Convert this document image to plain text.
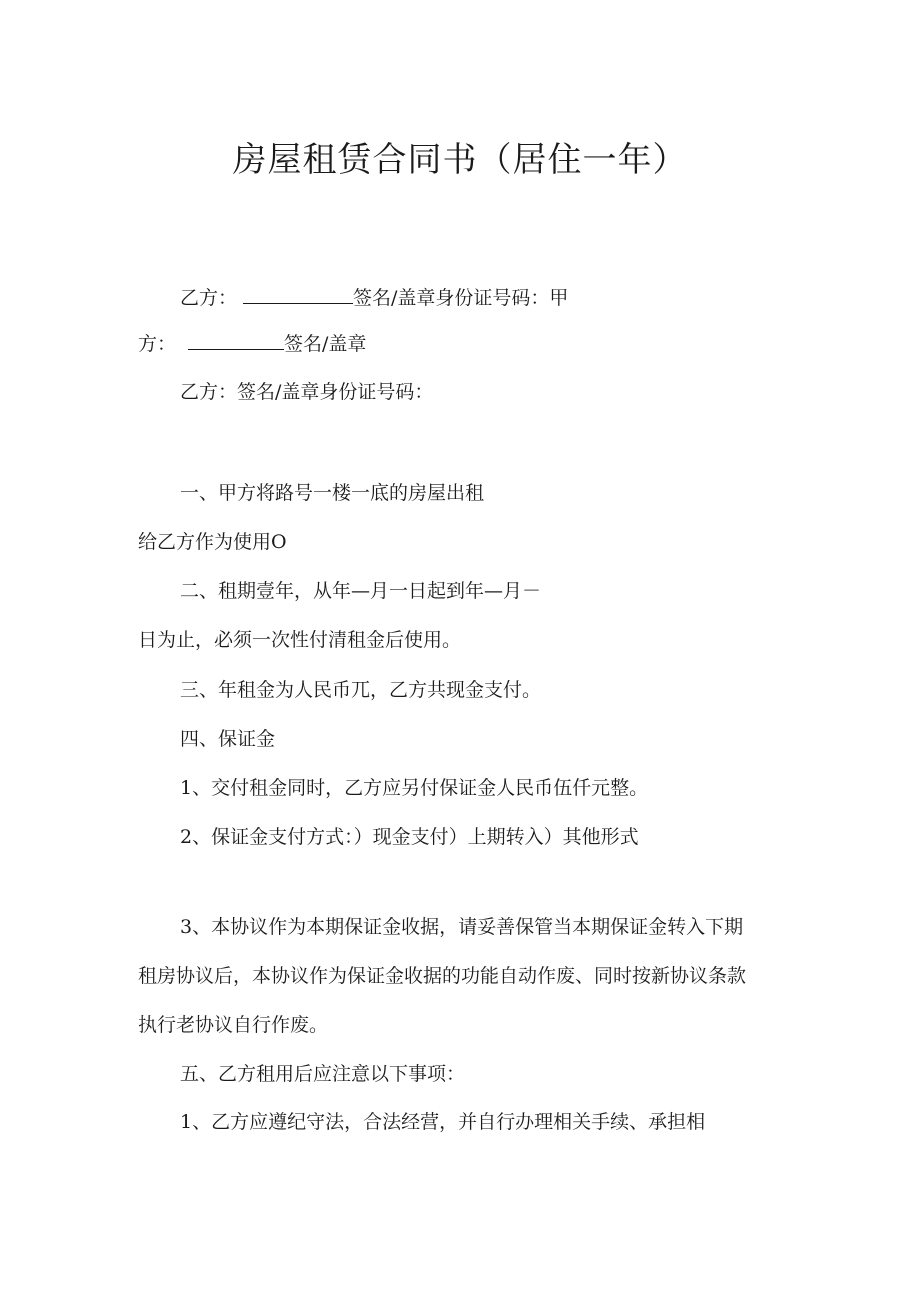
房屋租赁合同书（居住一年）
乙方：	签名/盖章身份证号码：甲
方：	签名/盖章
乙方：签名/盖章身份证号码：
一、甲方将路号一楼一底的房屋出租
给乙方作为使用O
二、租期壹年，从年—月一日起到年—月－
日为止，必须一次性付清租金后使用。
三、年租金为人民币兀，乙方共现金支付。
四、保证金
1、交付租金同时，乙方应另付保证金人民币伍仟元整。
2、保证金支付方式：）现金支付）上期转入）其他形式
3、本协议作为本期保证金收据，请妥善保管当本期保证金转入下期
租房协议后，本协议作为保证金收据的功能自动作废、同时按新协议条款
执行老协议自行作废。
五、乙方租用后应注意以下事项：
1、乙方应遵纪守法，合法经营，并自行办理相关手续、承担相
